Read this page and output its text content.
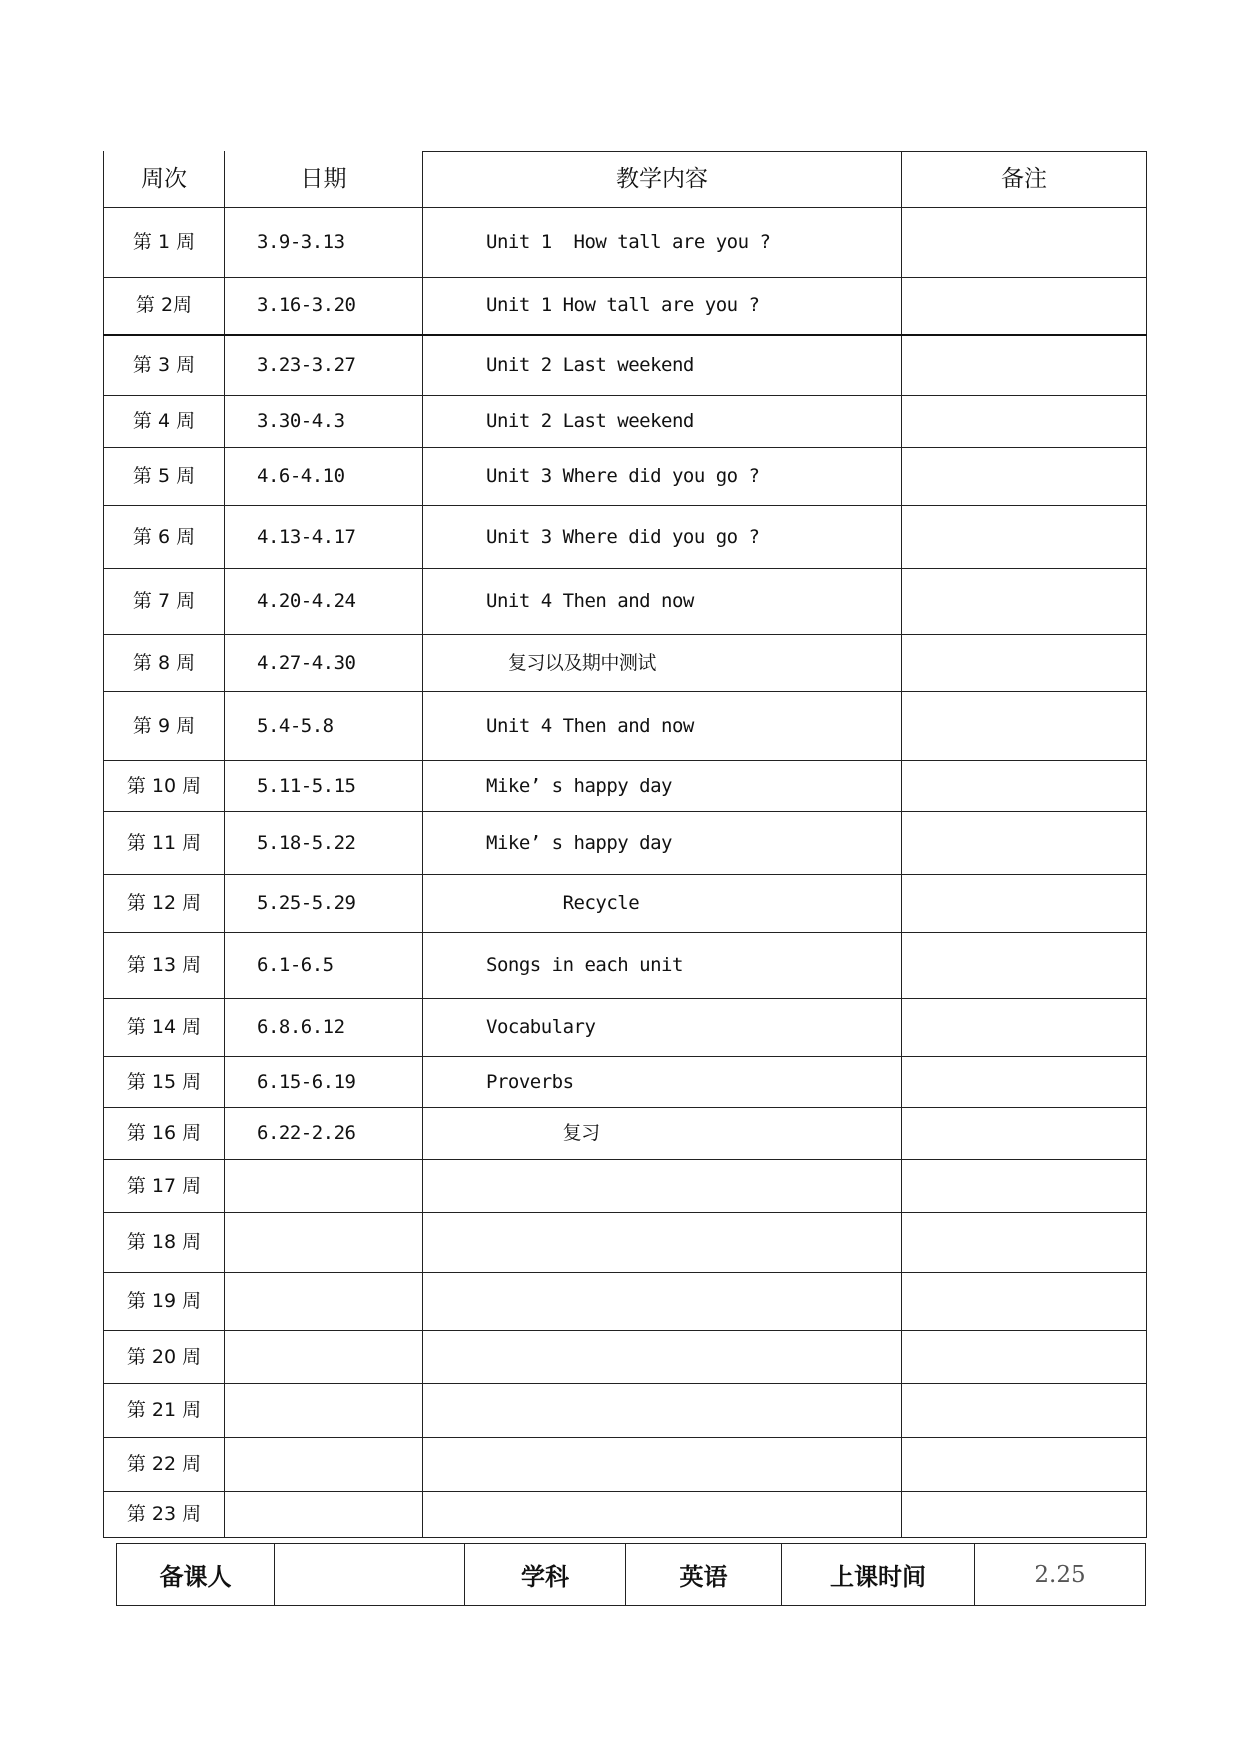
周次	日期	教学内容	备注
第 1 周	3.9-3.13	Unit 1  How tall are you ?	
第 2周	3.16-3.20	Unit 1 How tall are you ?	
第 3 周	3.23-3.27	Unit 2 Last weekend	
第 4 周	3.30-4.3	Unit 2 Last weekend	
第 5 周	4.6-4.10	Unit 3 Where did you go ?	
第 6 周	4.13-4.17	Unit 3 Where did you go ?	
第 7 周	4.20-4.24	Unit 4 Then and now	
第 8 周	4.27-4.30	复习以及期中测试	
第 9 周	5.4-5.8	Unit 4 Then and now	
第 10 周	5.11-5.15	Mike’ s happy day	
第 11 周	5.18-5.22	Mike’ s happy day	
第 12 周	5.25-5.29	Recycle	
第 13 周	6.1-6.5	Songs in each unit	
第 14 周	6.8.6.12	Vocabulary	
第 15 周	6.15-6.19	Proverbs	
第 16 周	6.22-2.26	复习	
第 17 周			
第 18 周			
第 19 周			
第 20 周			
第 21 周			
第 22 周			
第 23 周			
备课人		学科	英语	上课时间	2.25
